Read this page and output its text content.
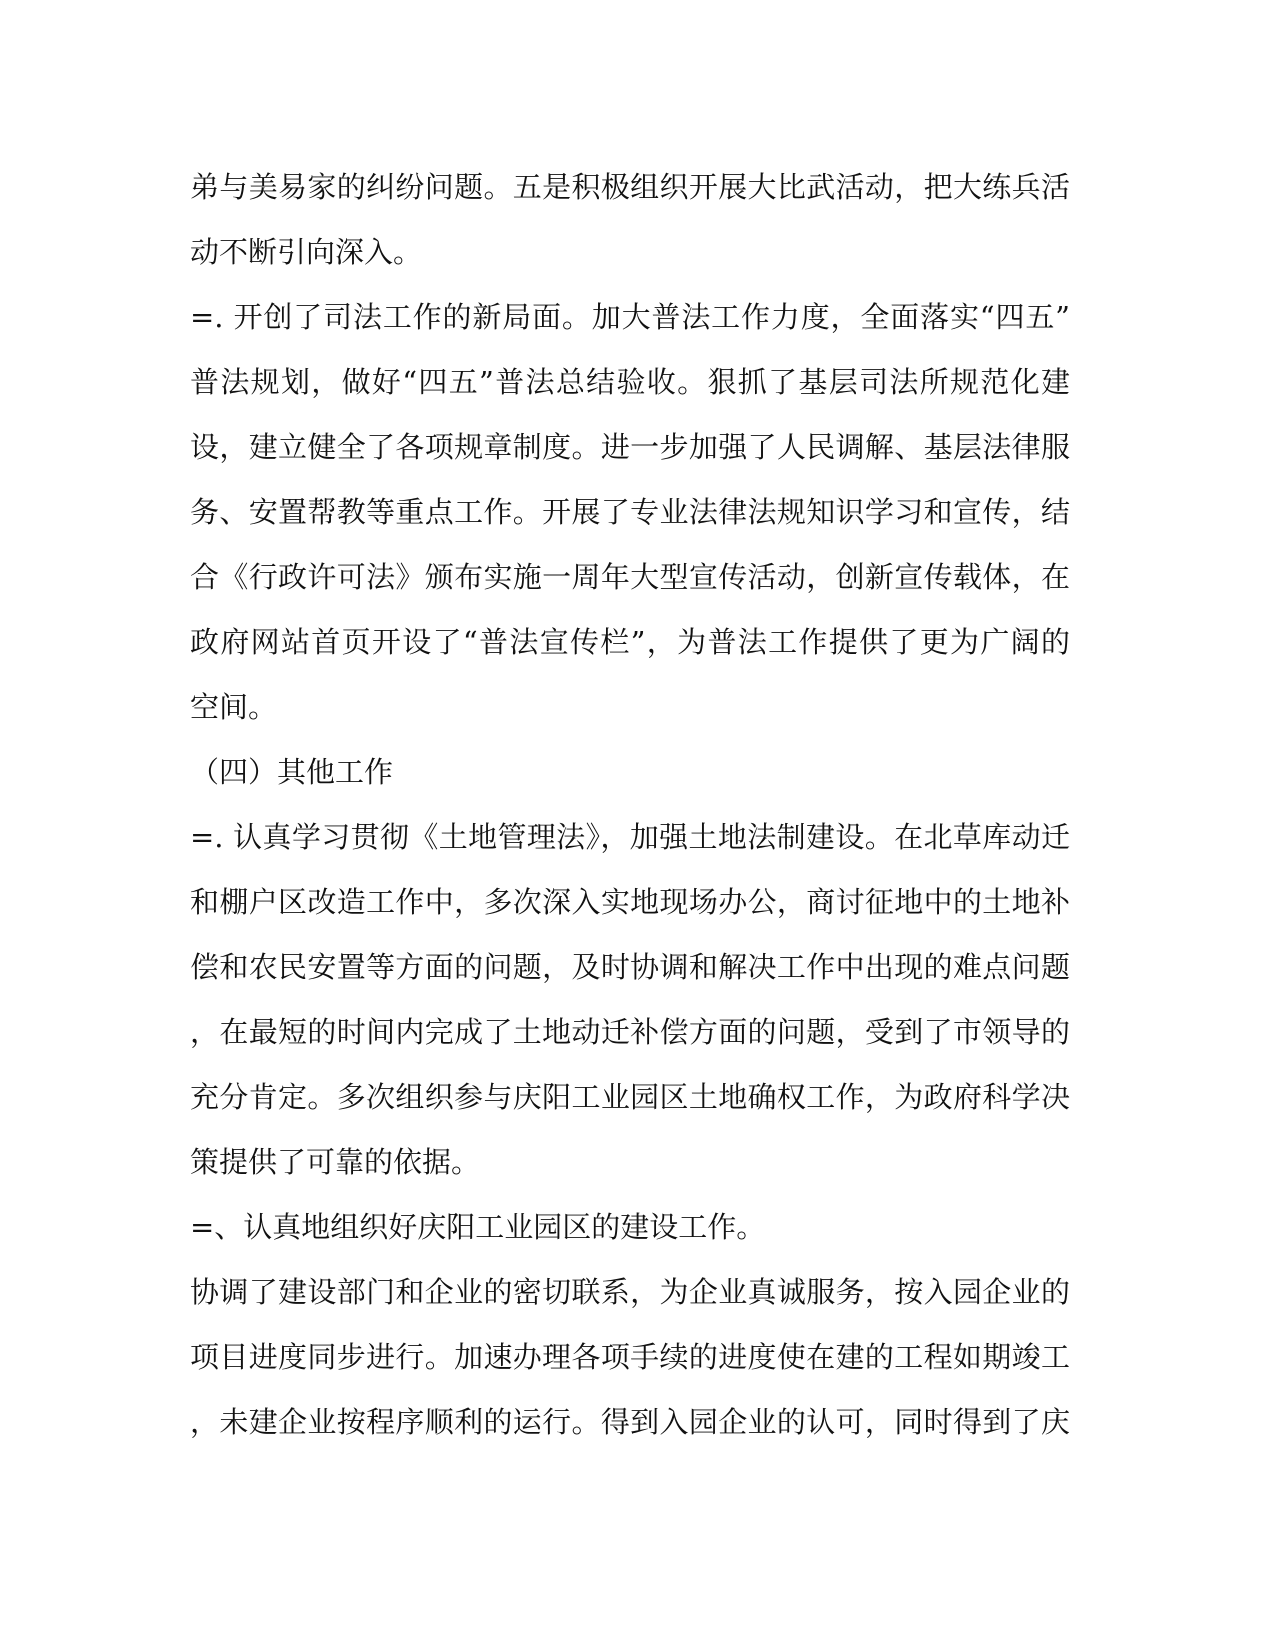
弟与美易家的纠纷问题。五是积极组织开展大比武活动，把大练兵活
动不断引向深入。
=. 开创了司法工作的新局面。加大普法工作力度，全面落实“四五”
普法规划，做好“四五”普法总结验收。狠抓了基层司法所规范化建
设，建立健全了各项规章制度。进一步加强了人民调解、基层法律服
务、安置帮教等重点工作。开展了专业法律法规知识学习和宣传，结
合《行政许可法》颁布实施一周年大型宣传活动，创新宣传载体，在
政府网站首页开设了“普法宣传栏”，为普法工作提供了更为广阔的
空间。
（四）其他工作
=. 认真学习贯彻《土地管理法》，加强土地法制建设。在北草库动迁
和棚户区改造工作中，多次深入实地现场办公，商讨征地中的土地补
偿和农民安置等方面的问题，及时协调和解决工作中出现的难点问题
，在最短的时间内完成了土地动迁补偿方面的问题，受到了市领导的
充分肯定。多次组织参与庆阳工业园区土地确权工作，为政府科学决
策提供了可靠的依据。
=、认真地组织好庆阳工业园区的建设工作。
协调了建设部门和企业的密切联系，为企业真诚服务，按入园企业的
项目进度同步进行。加速办理各项手续的进度使在建的工程如期竣工
，未建企业按程序顺利的运行。得到入园企业的认可，同时得到了庆
